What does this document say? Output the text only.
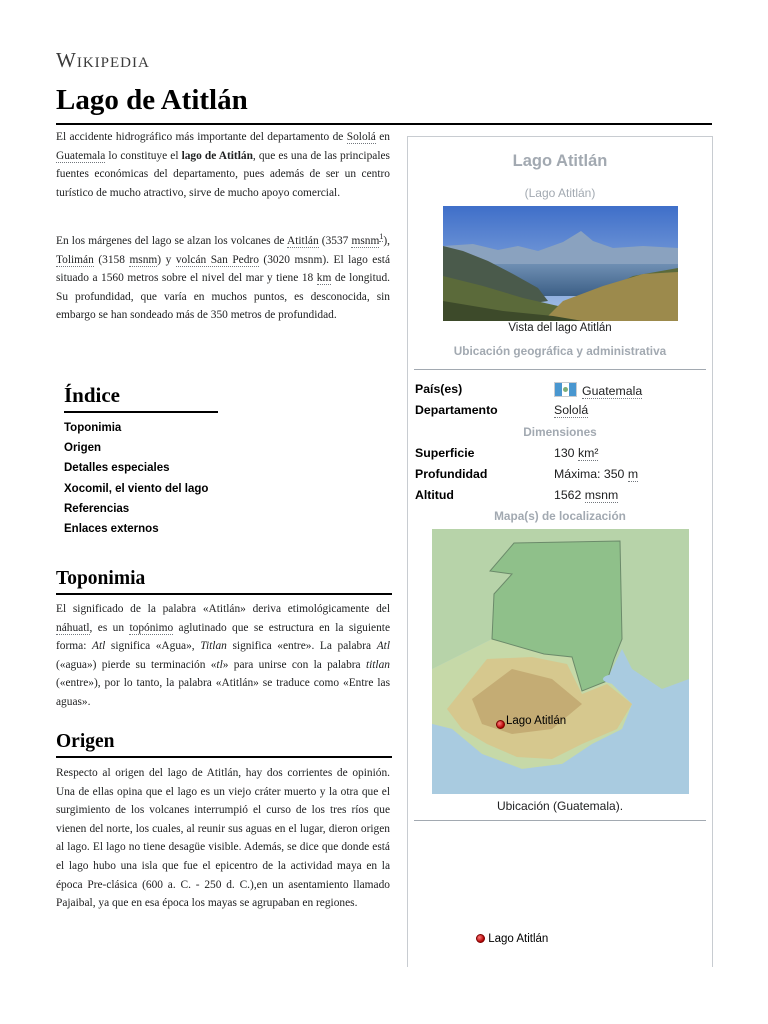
Wikipedia
Lago de Atitlán
El accidente hidrográfico más importante del departamento de Sololá en Guatemala lo constituye el lago de Atitlán, que es una de las principales fuentes económicas del departamento, pues además de ser un centro turístico de mucho atractivo, sirve de mucho apoyo comercial.
En los márgenes del lago se alzan los volcanes de Atitlán (3537 msnm$^1$), Tolimán (3158 msnm) y volcán San Pedro (3020 msnm). El lago está situado a 1560 metros sobre el nivel del mar y tiene 18 km de longitud. Su profundidad, que varía en muchos puntos, es desconocida, sin embargo se han sondeado más de 350 metros de profundidad.
Índice
Toponimia
Origen
Detalles especiales
Xocomil, el viento del lago
Referencias
Enlaces externos
Toponimia
El significado de la palabra «Atitlán» deriva etimológicamente del náhuatl, es un topónimo aglutinado que se estructura en la siguiente forma: Atl significa «Agua», Titlan significa «entre». La palabra Atl («agua») pierde su terminación «tl» para unirse con la palabra titlan («entre»), por lo tanto, la palabra «Atitlán» se traduce como «Entre las aguas».
Origen
Respecto al origen del lago de Atitlán, hay dos corrientes de opinión. Una de ellas opina que el lago es un viejo cráter muerto y la otra que el surgimiento de los volcanes interrumpió el curso de los tres ríos que vienen del norte, los cuales, al reunir sus aguas en el lugar, dieron origen al lago. El lago no tiene desagüe visible. Además, se dice que donde está el lago hubo una isla que fue el epicentro de la actividad maya en la época Pre-clásica (600 a. C. - 250 d. C.),en un asentamiento llamado Pajaibal, ya que en esa época los mayas se agrupaban en regiones.
Lago Atitlán
(Lago Atitlán)
Vista del lago Atitlán
Ubicación geográfica y administrativa
País(es)	Guatemala
Departamento	Sololá
Dimensiones
Superficie	130 km²
Profundidad	Máxima: 350 m
Altitud	1562 msnm
Mapa(s) de localización
Lago Atitlán
Ubicación (Guatemala).
Lago Atitlán
